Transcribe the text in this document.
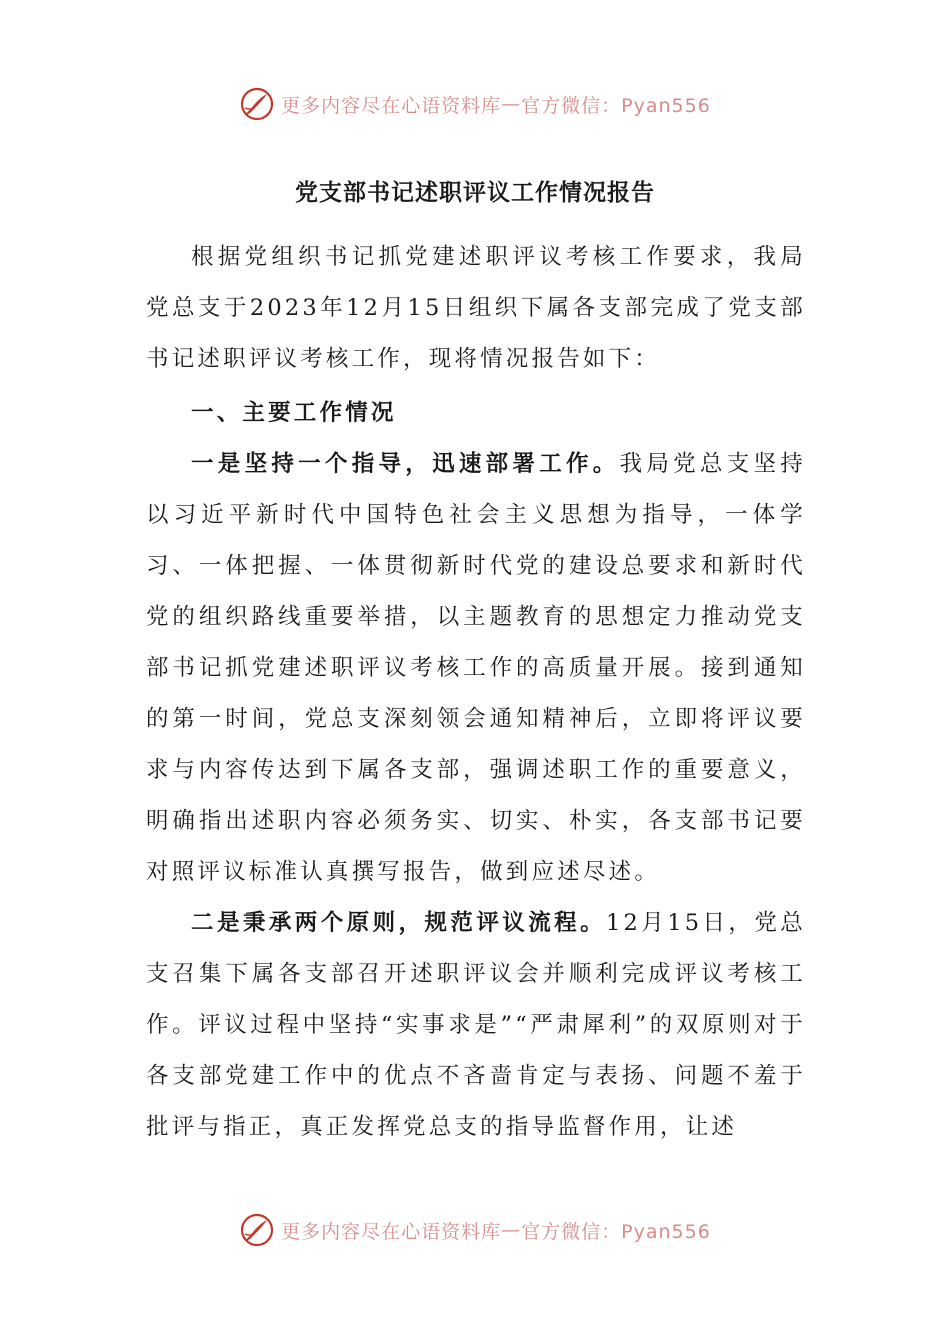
更多内容尽在心语资料库 — 官方微信：Pyan556
党支部书记述职评议工作情况报告

根据党组织书记抓党建述职评议考核工作要求，我局党总支于2023年12月15日组织下属各支部完成了党支部书记述职评议考核工作，现将情况报告如下：

一、主要工作情况

一是坚持一个指导，迅速部署工作。我局党总支坚持以习近平新时代中国特色社会主义思想为指导，一体学习、一体把握、一体贯彻新时代党的建设总要求和新时代党的组织路线重要举措，以主题教育的思想定力推动党支部书记抓党建述职评议考核工作的高质量开展。接到通知的第一时间，党总支深刻领会通知精神后，立即将评议要求与内容传达到下属各支部，强调述职工作的重要意义，明确指出述职内容必须务实、切实、朴实，各支部书记要对照评议标准认真撰写报告，做到应述尽述。

二是秉承两个原则，规范评议流程。12月15日，党总支召集下属各支部召开述职评议会并顺利完成评议考核工作。评议过程中坚持“实事求是”“严肃犀利”的双原则对于各支部党建工作中的优点不吝啬肯定与表扬、问题不羞于批评与指正，真正发挥党总支的指导监督作用，让述

更多内容尽在心语资料库 — 官方微信：Pyan556
